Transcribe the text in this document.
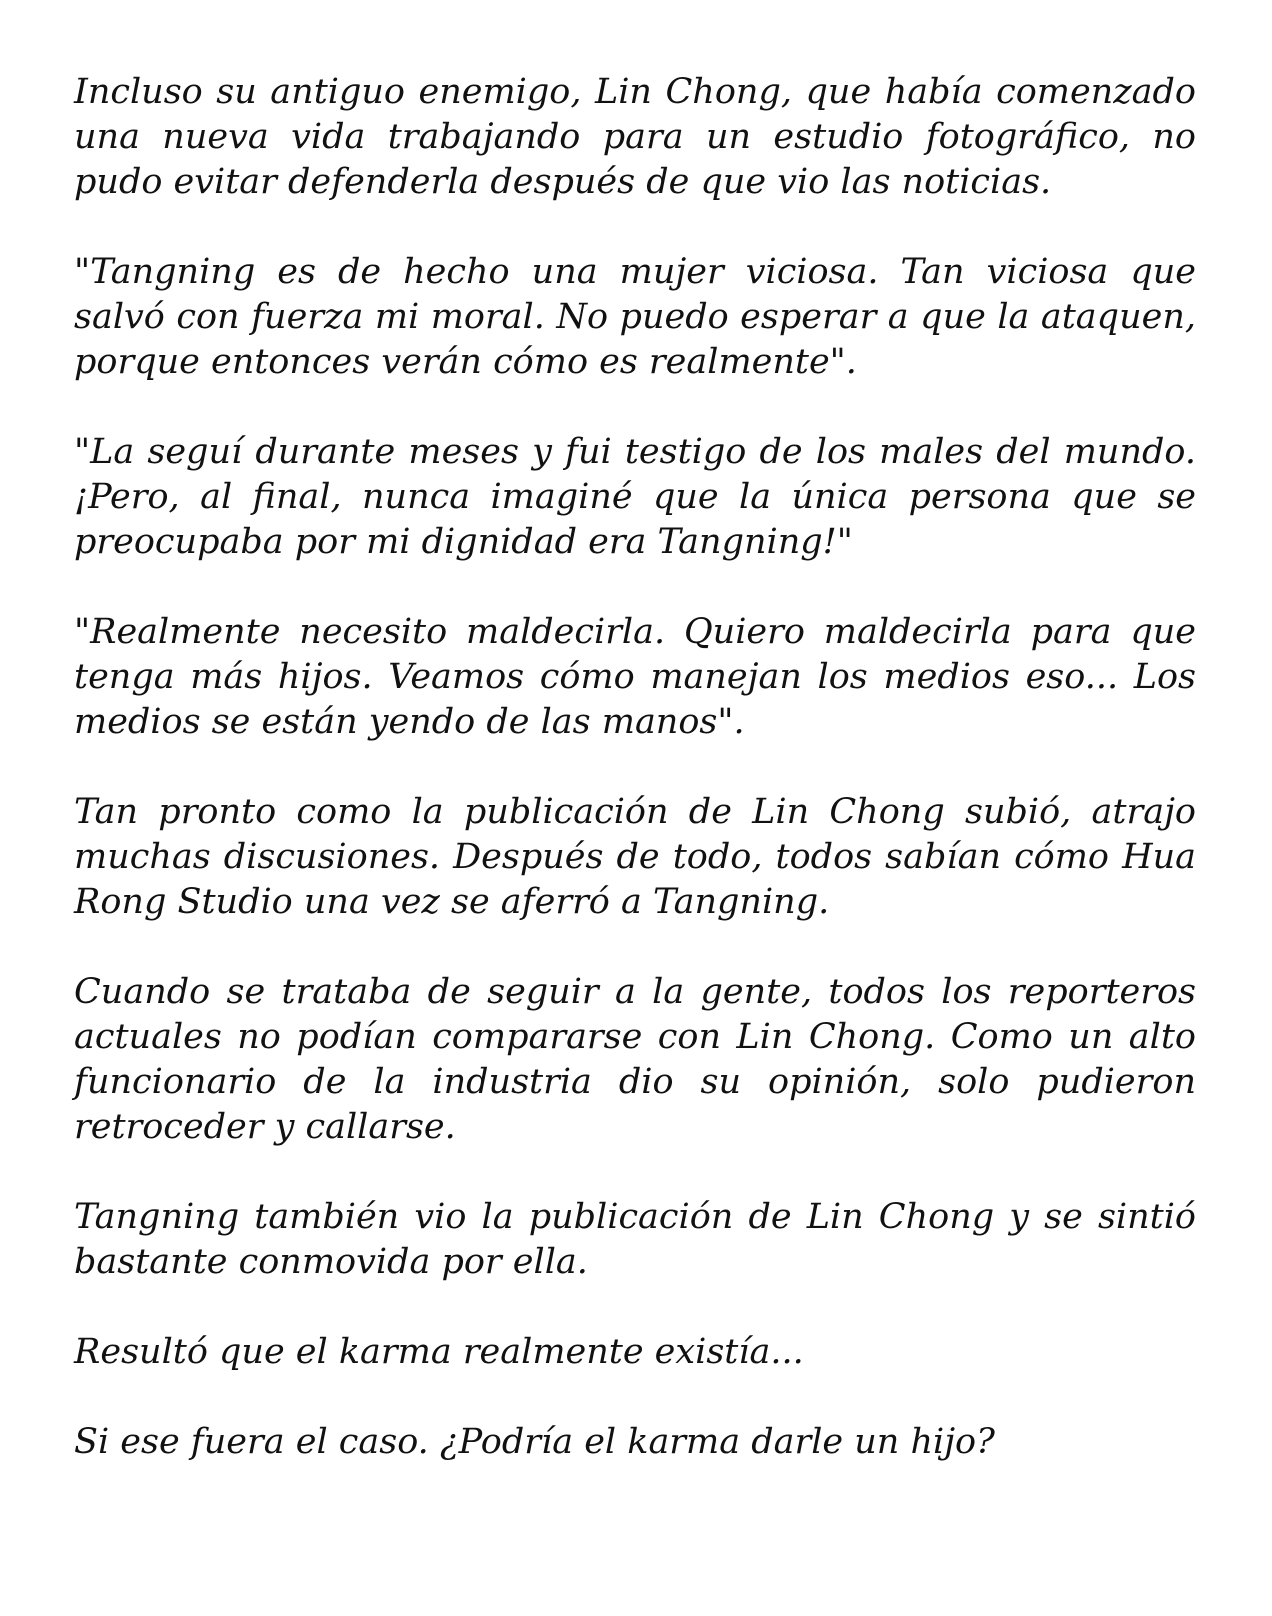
Incluso su antiguo enemigo, Lin Chong, que había comenzado una nueva vida trabajando para un estudio fotográfico, no pudo evitar defenderla después de que vio las noticias.

"Tangning es de hecho una mujer viciosa. Tan viciosa que salvó con fuerza mi moral. No puedo esperar a que la ataquen, porque entonces verán cómo es realmente".

"La seguí durante meses y fui testigo de los males del mundo. ¡Pero, al final, nunca imaginé que la única persona que se preocupaba por mi dignidad era Tangning!"

"Realmente necesito maldecirla. Quiero maldecirla para que tenga más hijos. Veamos cómo manejan los medios eso... Los medios se están yendo de las manos".

Tan pronto como la publicación de Lin Chong subió, atrajo muchas discusiones. Después de todo, todos sabían cómo Hua Rong Studio una vez se aferró a Tangning.

Cuando se trataba de seguir a la gente, todos los reporteros actuales no podían compararse con Lin Chong. Como un alto funcionario de la industria dio su opinión, solo pudieron retroceder y callarse.

Tangning también vio la publicación de Lin Chong y se sintió bastante conmovida por ella.

Resultó que el karma realmente existía...

Si ese fuera el caso. ¿Podría el karma darle un hijo?
